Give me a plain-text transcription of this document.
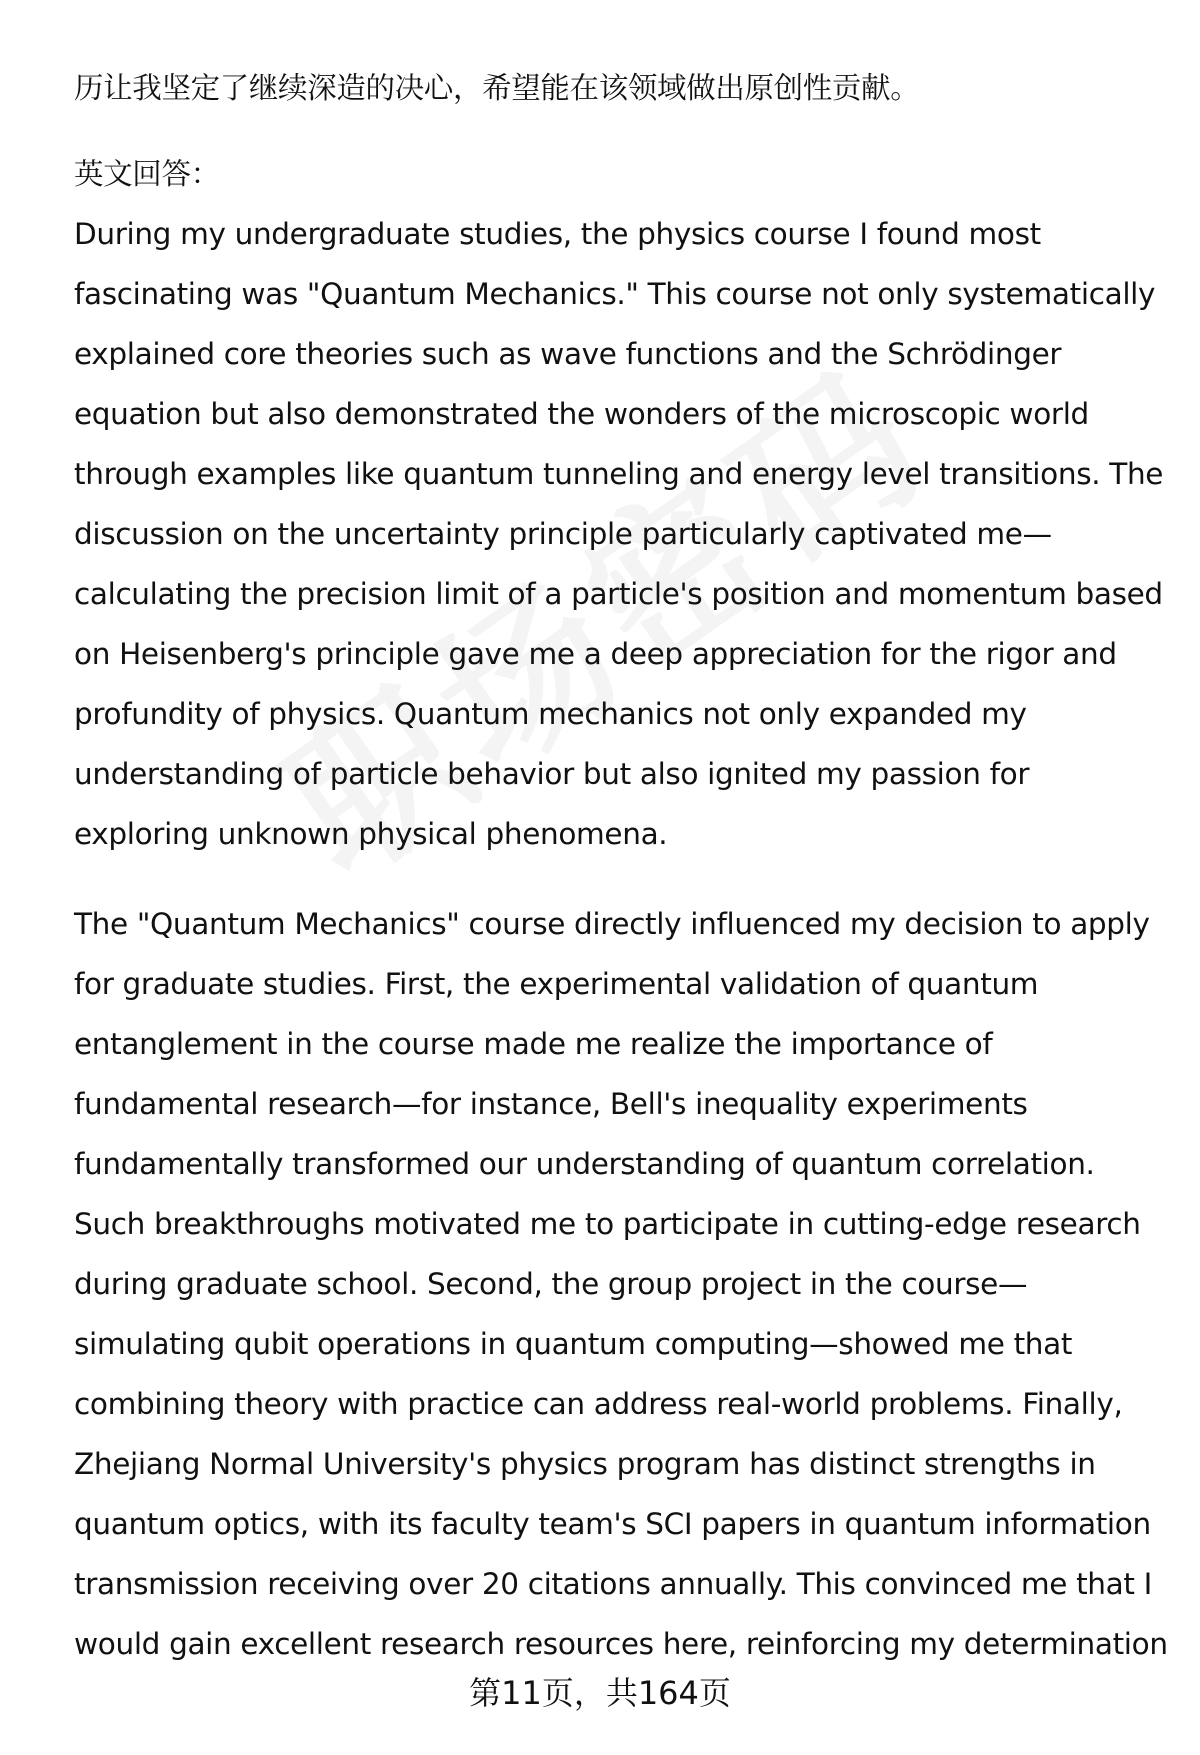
历让我坚定了继续深造的决心，希望能在该领域做出原创性贡献。
英文回答：
During my undergraduate studies, the physics course I found most
fascinating was "Quantum Mechanics." This course not only systematically
explained core theories such as wave functions and the Schrödinger
equation but also demonstrated the wonders of the microscopic world
through examples like quantum tunneling and energy level transitions. The
discussion on the uncertainty principle particularly captivated me—
calculating the precision limit of a particle's position and momentum based
on Heisenberg's principle gave me a deep appreciation for the rigor and
profundity of physics. Quantum mechanics not only expanded my
understanding of particle behavior but also ignited my passion for
exploring unknown physical phenomena.
The "Quantum Mechanics" course directly influenced my decision to apply
for graduate studies. First, the experimental validation of quantum
entanglement in the course made me realize the importance of
fundamental research—for instance, Bell's inequality experiments
fundamentally transformed our understanding of quantum correlation.
Such breakthroughs motivated me to participate in cutting-edge research
during graduate school. Second, the group project in the course—
simulating qubit operations in quantum computing—showed me that
combining theory with practice can address real-world problems. Finally,
Zhejiang Normal University's physics program has distinct strengths in
quantum optics, with its faculty team's SCI papers in quantum information
transmission receiving over 20 citations annually. This convinced me that I
would gain excellent research resources here, reinforcing my determination
第11页，共164页
